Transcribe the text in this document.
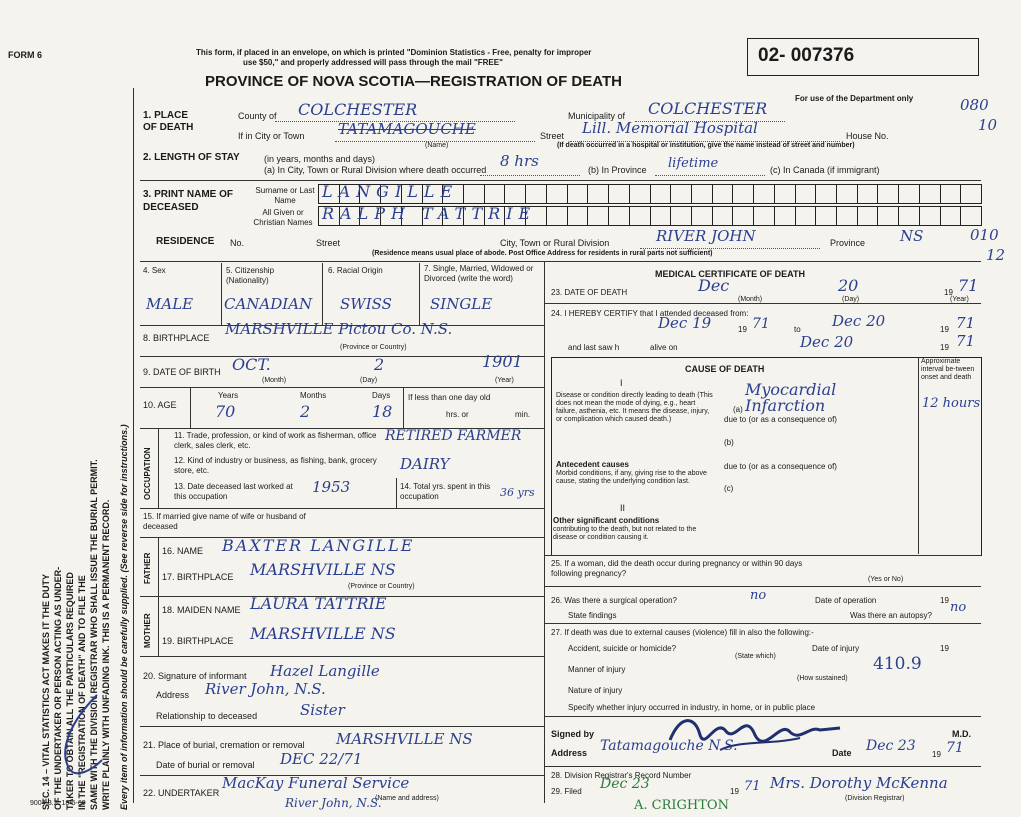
FORM 6
SEC. 14 – VITAL STATISTICS ACT MAKES IT THE DUTY OF THE UNDERTAKER OR PERSON ACTING AS UNDER- TAKER TO OBTAIN ALL THE PARTICULARS REQUIRED IN THE "REGISTRATION OF DEATH" AND TO FILE THE SAME WITH THE DIVISION REGISTRAR WHO SHALL ISSUE THE BURIAL PERMIT. WRITE PLAINLY WITH UNFADING INK. THIS IS A PERMANENT RECORD. Every item of information should be carefully supplied. (See reverse side for instructions.)
9004-3.2: 18-5-60
This form, if placed in an envelope, on which is printed "Dominion Statistics - Free, penalty for improper
use $50," and properly addressed will pass through the mail "FREE"
PROVINCE OF NOVA SCOTIA—REGISTRATION OF DEATH
02- 007376
For use of the Department only	080
10
010
12
1. PLACE OF DEATH
County of COLCHESTER	Municipality of COLCHESTER
If in City or Town TATAMAGOUCHE	Street Lill. Memorial Hospital	House No.
(Name)	(If death occurred in a hospital or institution, give the name instead of street and number)
2. LENGTH OF STAY	(in years, months and days)
(a) In City, Town or Rural Division where death occurred 8 hrs	(b) In Province lifetime	(c) In Canada (if immigrant)
3. PRINT NAME OF DECEASED
Surname or Last Name	LANGILLE
All Given or Christian Names RALPH TATTRIE
RESIDENCE No.	Street	City, Town or Rural Division	RIVER JOHN	Province NS
(Residence means usual place of abode. Post Office Address for residents in rural parts not sufficient)
4. Sex	5. Citizenship (Nationality)
6. Racial Origin	7. Single, Married, Widowed or Divorced (write the word)
MALE CANADIAN SWISS	SINGLE
8. BIRTHPLACE MARSHVILLE Pictou Co. N.S.
(Province or Country)
9. DATE OF BIRTH OCT.	2	1901
(Month)	(Day)	(Year)
10. AGE
Years	Months	Days
70	2	18
If less than one day old
hrs. or	min.
OCCUPATION
11. Trade, profession, or kind of work as fisherman, office clerk, sales clerk, etc.
RETIRED FARMER
12. Kind of industry or business, as fishing, bank, grocery store, etc.	DAIRY
13. Date deceased last worked at this occupation
1953	14. Total yrs. spent in this occupation	36 yrs
15. If married give name of wife or husband of deceased
FATHER
16. NAME BAXTER LANGILLE
17. BIRTHPLACE MARSHVILLE NS
(Province or Country)
MOTHER
18. MAIDEN NAME LAURA TATTRIE
19. BIRTHPLACE MARSHVILLE NS
20. Signature of informant Hazel Langille
Address River John, N.S.
Relationship to deceased	Sister
21. Place of burial, cremation or removal MARSHVILLE NS
Date of burial or removal DEC 22/71
22. UNDERTAKER
MacKay Funeral Service
River John, N.S.
(Name and address)
MEDICAL CERTIFICATE OF DEATH
23. DATE OF DEATH	Dec	20	19 71
(Month)	(Day)	(Year)
24. I HEREBY CERTIFY that I attended deceased from:
Dec 19	19 71	to Dec 20	19 71
and last saw h	alive on	Dec 20	19 71
CAUSE OF DEATH
Approximate interval be-tween onset and death
I
Disease or condition directly leading to death (This does not mean the mode of dying, e.g., heart failure, asthenia, etc. It means the disease, injury, or complication which caused death.)
(a)
Myocardial Infarction	12 hours
due to (or as a consequence of)
(b)
Antecedent causes
Morbid conditions, if any, giving rise to the above cause, stating the underlying condition last.
due to (or as a consequence of)
(c)
II
Other significant conditions
contributing to the death, but not related to the disease or condition causing it.
25. If a woman, did the death occur during pregnancy or within 90 days following pregnancy?
(Yes or No)
26. Was there a surgical operation?	no	Date of operation	19
State findings	Was there an autopsy?
no
27. If death was due to external causes (violence) fill in also the following:-
Accident, suicide or homicide?
(State which)
Date of injury	19
Manner of injury	410.9
(How sustained)
Nature of injury
Specify whether injury occurred in industry, in home, or in public place
Signed by	M.D.
Address Tatamagouche N.S.	Date Dec 23
19 71
28. Division Registrar's Record Number
29. Filed Dec 23	19 71 Mrs. Dorothy McKenna
(Division Registrar)
A. CRIGHTON
